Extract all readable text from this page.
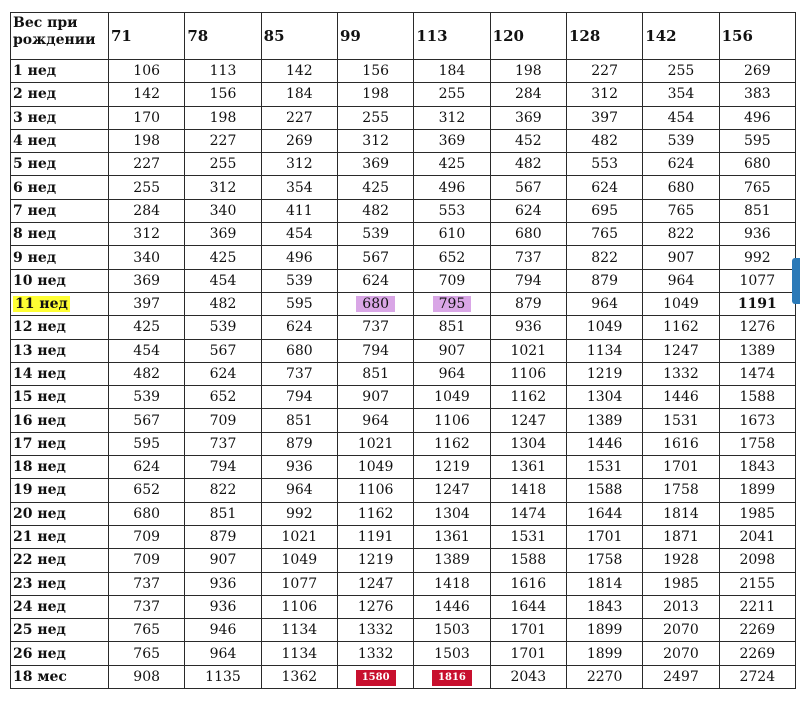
Вес при рождении	71	78	85	99	113	120	128	142	156
1 нед	106	113	142	156	184	198	227	255	269
2 нед	142	156	184	198	255	284	312	354	383
3 нед	170	198	227	255	312	369	397	454	496
4 нед	198	227	269	312	369	452	482	539	595
5 нед	227	255	312	369	425	482	553	624	680
6 нед	255	312	354	425	496	567	624	680	765
7 нед	284	340	411	482	553	624	695	765	851
8 нед	312	369	454	539	610	680	765	822	936
9 нед	340	425	496	567	652	737	822	907	992
10 нед	369	454	539	624	709	794	879	964	1077
11 нед	397	482	595	680	795	879	964	1049	1191
12 нед	425	539	624	737	851	936	1049	1162	1276
13 нед	454	567	680	794	907	1021	1134	1247	1389
14 нед	482	624	737	851	964	1106	1219	1332	1474
15 нед	539	652	794	907	1049	1162	1304	1446	1588
16 нед	567	709	851	964	1106	1247	1389	1531	1673
17 нед	595	737	879	1021	1162	1304	1446	1616	1758
18 нед	624	794	936	1049	1219	1361	1531	1701	1843
19 нед	652	822	964	1106	1247	1418	1588	1758	1899
20 нед	680	851	992	1162	1304	1474	1644	1814	1985
21 нед	709	879	1021	1191	1361	1531	1701	1871	2041
22 нед	709	907	1049	1219	1389	1588	1758	1928	2098
23 нед	737	936	1077	1247	1418	1616	1814	1985	2155
24 нед	737	936	1106	1276	1446	1644	1843	2013	2211
25 нед	765	946	1134	1332	1503	1701	1899	2070	2269
26 нед	765	964	1134	1332	1503	1701	1899	2070	2269
18 мес	908	1135	1362	1580	1816	2043	2270	2497	2724
